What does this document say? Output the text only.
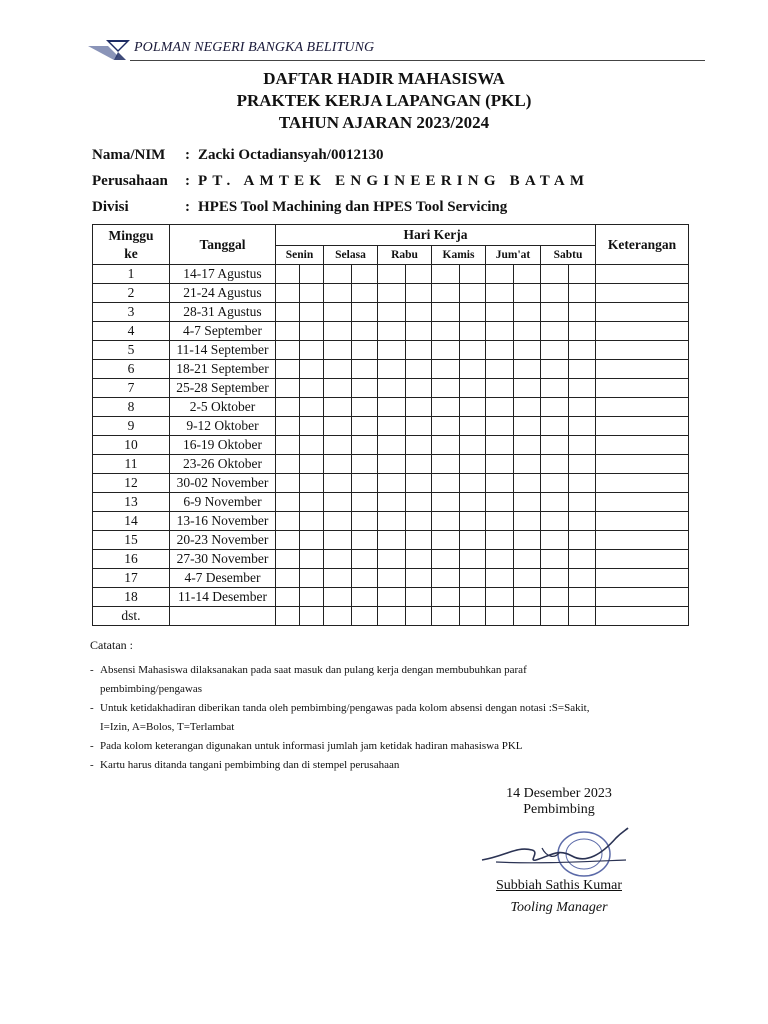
POLMAN NEGERI BANGKA BELITUNG
DAFTAR HADIR MAHASISWA
PRAKTEK KERJA LAPANGAN (PKL)
TAHUN AJARAN 2023/2024
Nama/NIM : Zacki Octadiansyah/0012130
Perusahaan : PT. AMTEK ENGINEERING BATAM
Divisi	: HPES Tool Machining dan HPES Tool Servicing
Minggu
ke	Tanggal	Hari Kerja												Keterangan
		Senin		Selasa		Rabu		Kamis		Jum'at		Sabtu		
1	14-17 Agustus													
2	21-24 Agustus													
3	28-31 Agustus													
4	4-7 September													
5	11-14 September													
6	18-21 September													
7	25-28 September													
8	2-5 Oktober													
9	9-12 Oktober													
10	16-19 Oktober													
11	23-26 Oktober													
12	30-02 November													
13	6-9 November													
14	13-16 November													
15	20-23 November													
16	27-30 November													
17	4-7 Desember													
18	11-14 Desember													
dst.														
Catatan :
- Absensi Mahasiswa dilaksanakan pada saat masuk dan pulang kerja dengan membubuhkan paraf
pembimbing/pengawas
- Untuk ketidakhadiran diberikan tanda oleh pembimbing/pengawas pada kolom absensi dengan notasi :S=Sakit,
I=Izin, A=Bolos, T=Terlambat
- Pada kolom keterangan digunakan untuk informasi jumlah jam ketidak hadiran mahasiswa PKL
- Kartu harus ditanda tangani pembimbing dan di stempel perusahaan
14 Desember 2023
Pembimbing
Subbiah Sathis Kumar
Tooling Manager
